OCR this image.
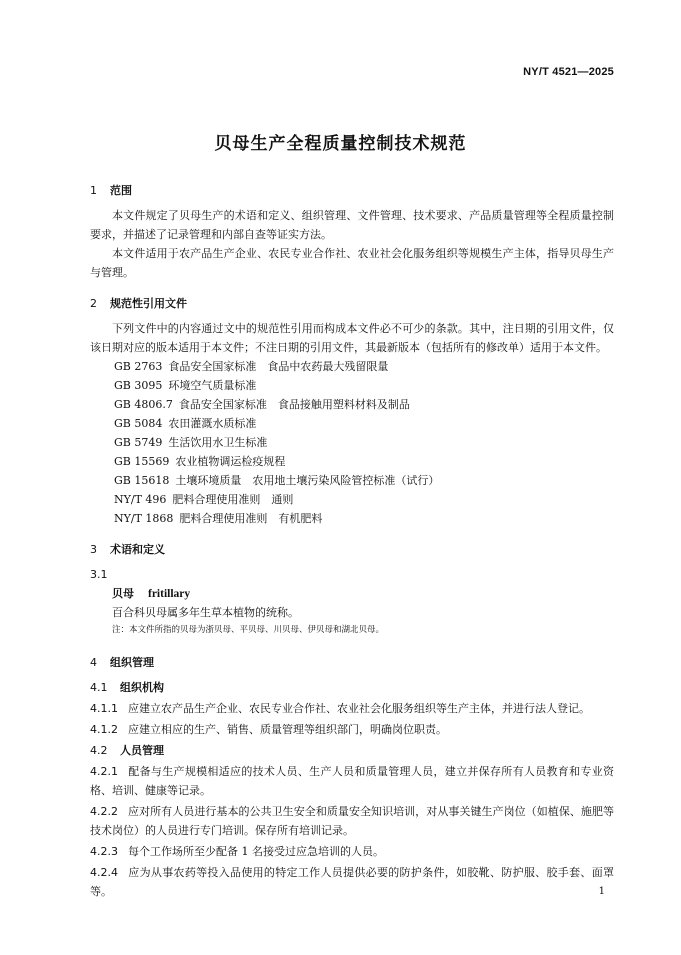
NY/T 4521—2025
贝母生产全程质量控制技术规范
1 范围

本文件规定了贝母生产的术语和定义、组织管理、文件管理、技术要求、产品质量管理等全程质量控制要求，并描述了记录管理和内部自查等证实方法。

本文件适用于农产品生产企业、农民专业合作社、农业社会化服务组织等规模生产主体，指导贝母生产与管理。

2 规范性引用文件

下列文件中的内容通过文中的规范性引用而构成本文件必不可少的条款。其中，注日期的引用文件，仅该日期对应的版本适用于本文件；不注日期的引用文件，其最新版本（包括所有的修改单）适用于本文件。

GB 2763 食品安全国家标准　食品中农药最大残留限量
GB 3095 环境空气质量标准
GB 4806.7 食品安全国家标准　食品接触用塑料材料及制品
GB 5084 农田灌溉水质标准
GB 5749 生活饮用水卫生标准
GB 15569 农业植物调运检疫规程
GB 15618 土壤环境质量　农用地土壤污染风险管控标准（试行）
NY/T 496 肥料合理使用准则　通则
NY/T 1868 肥料合理使用准则　有机肥料
3 术语和定义
3.1
贝母 fritillary
百合科贝母属多年生草本植物的统称。
注：本文件所指的贝母为浙贝母、平贝母、川贝母、伊贝母和湖北贝母。
4 组织管理
4.1 组织机构
4.1.1 应建立农产品生产企业、农民专业合作社、农业社会化服务组织等生产主体，并进行法人登记。
4.1.2 应建立相应的生产、销售、质量管理等组织部门，明确岗位职责。
4.2 人员管理
4.2.1 配备与生产规模相适应的技术人员、生产人员和质量管理人员，建立并保存所有人员教育和专业资格、培训、健康等记录。
4.2.2 应对所有人员进行基本的公共卫生安全和质量安全知识培训，对从事关键生产岗位（如植保、施肥等技术岗位）的人员进行专门培训。保存所有培训记录。
4.2.3 每个工作场所至少配备 1 名接受过应急培训的人员。
4.2.4 应为从事农药等投入品使用的特定工作人员提供必要的防护条件，如胶靴、防护服、胶手套、面罩等。	1
